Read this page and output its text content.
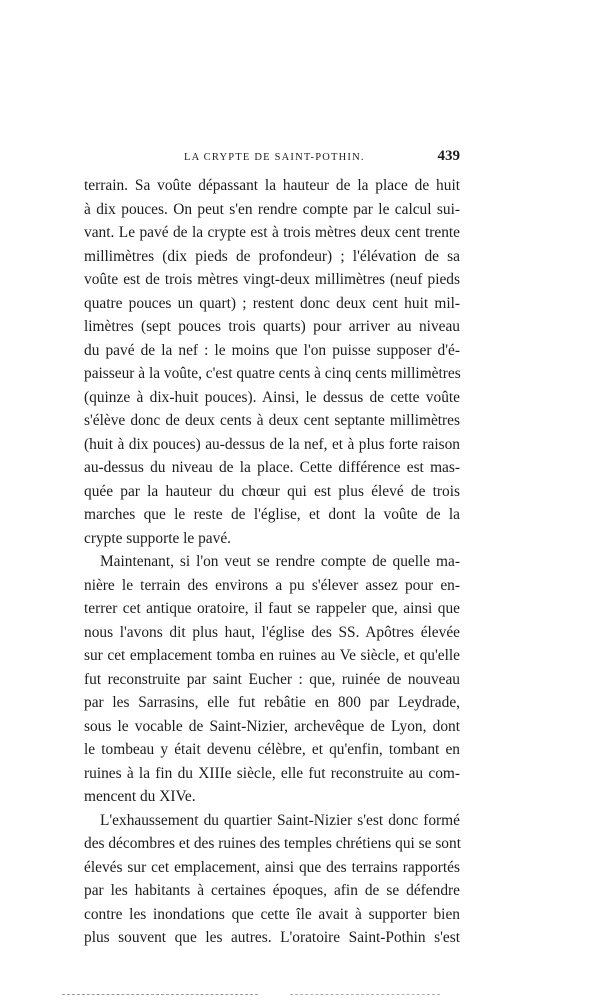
LA CRYPTE DE SAINT-POTHIN.	439
terrain. Sa voûte dépassant la hauteur de la place de huit
à dix pouces. On peut s'en rendre compte par le calcul sui-
vant. Le pavé de la crypte est à trois mètres deux cent trente
millimètres (dix pieds de profondeur) ; l'élévation de sa
voûte est de trois mètres vingt-deux millimètres (neuf pieds
quatre pouces un quart) ; restent donc deux cent huit mil-
limètres (sept pouces trois quarts) pour arriver au niveau
du pavé de la nef : le moins que l'on puisse supposer d'é-
paisseur à la voûte, c'est quatre cents à cinq cents millimètres
(quinze à dix-huit pouces). Ainsi, le dessus de cette voûte
s'élève donc de deux cents à deux cent septante millimètres
(huit à dix pouces) au-dessus de la nef, et à plus forte raison
au-dessus du niveau de la place. Cette différence est mas-
quée par la hauteur du chœur qui est plus élevé de trois
marches que le reste de l'église, et dont la voûte de la
crypte supporte le pavé.
Maintenant, si l'on veut se rendre compte de quelle ma-
nière le terrain des environs a pu s'élever assez pour en-
terrer cet antique oratoire, il faut se rappeler que, ainsi que
nous l'avons dit plus haut, l'église des SS. Apôtres élevée
sur cet emplacement tomba en ruines au Ve siècle, et qu'elle
fut reconstruite par saint Eucher : que, ruinée de nouveau
par les Sarrasins, elle fut rebâtie en 800 par Leydrade,
sous le vocable de Saint-Nizier, archevêque de Lyon, dont
le tombeau y était devenu célèbre, et qu'enfin, tombant en
ruines à la fin du XIIIe siècle, elle fut reconstruite au com-
mencent du XIVe.
L'exhaussement du quartier Saint-Nizier s'est donc formé
des décombres et des ruines des temples chrétiens qui se sont
élevés sur cet emplacement, ainsi que des terrains rapportés
par les habitants à certaines époques, afin de se défendre
contre les inondations que cette île avait à supporter bien
plus souvent que les autres. L'oratoire Saint-Pothin s'est
